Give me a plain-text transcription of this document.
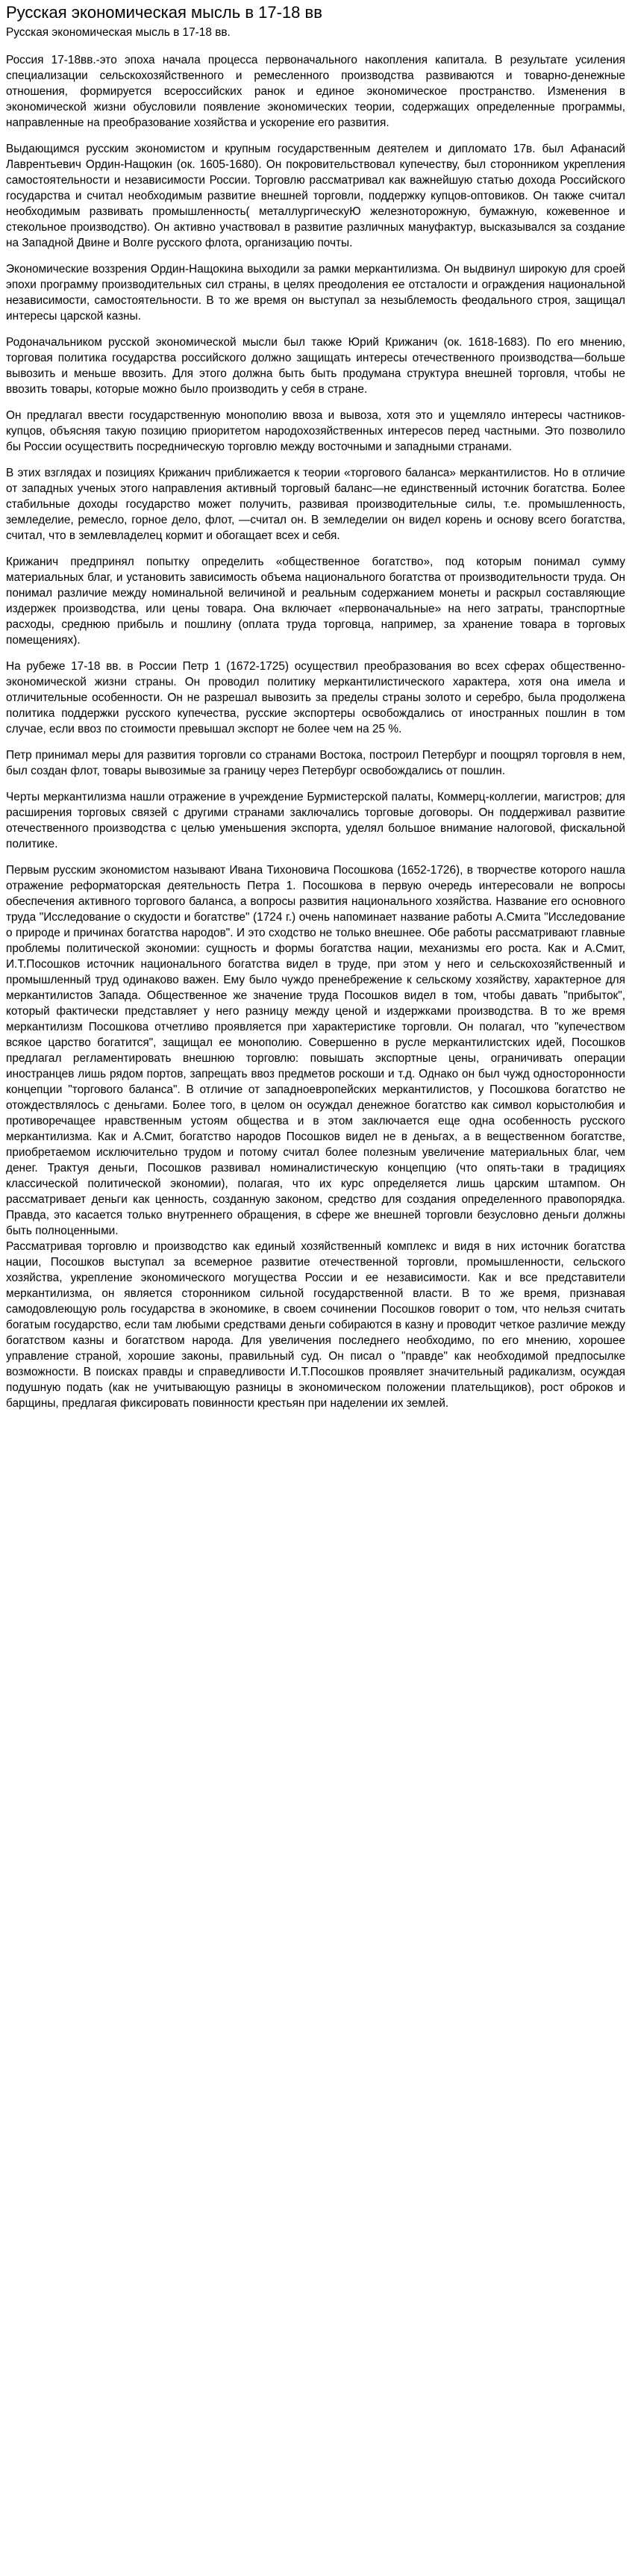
Русская экономическая мысль в 17-18 вв
Русская экономическая мысль в 17-18 вв.

Россия 17-18вв.-это эпоха начала процесса первоначального накопления капитала. В результате усиления специализации сельскохозяйственного и ремесленного производства развиваются и товарно-денежные отношения, формируется всероссийских ранок и единое экономическое пространство. Изменения в экономической жизни обусловили появление экономических теории, содержащих определенные программы, направленные на преобразование хозяйства и ускорение его развития.

Выдающимся русским экономистом и крупным государственным деятелем и дипломато 17в. был Афанасий Лаврентьевич Ордин-Нащокин (ок. 1605-1680). Он покровительствовал купечеству, был сторонником укрепления самостоятельности и независимости России. Торговлю рассматривал как важнейшую статью дохода Российского государства и считал необходимым развитие внешней торговли, поддержку купцов-оптовиков. Он также считал необходимым развивать промышленность( металлургическуЮ железноторожную, бумажную, кожевенное и стекольное производство). Он активно участвовал в развитие различных мануфактур, высказывался за создание на Западной Двине и Волге русского флота, организацию почты.

Экономические воззрения Ордин-Нащокина выходили за рамки меркантилизма. Он выдвинул широкую для сроей эпохи программу производительных сил страны, в целях преодоления ее отсталости и ограждения национальной независимости, самостоятельности. В то же время он выступал за незыблемость феодального строя, защищал интересы царской казны.

Родоначальником русской экономической мысли был также Юрий Крижанич (ок. 1618-1683). По его мнению, торговая политика государства российского должно защищать интересы отечественного производства—больше вывозить и меньше ввозить. Для этого должна быть быть продумана структура внешней торговля, чтобы не ввозить товары, которые можно было производить у себя в стране.

Он предлагал ввести государственную монополию ввоза и вывоза, хотя это и ущемляло интересы частников-купцов, объясняя такую позицию приоритетом народохозяйственных интересов перед частными. Это позволило бы России осуществить посредническую торговлю между восточными и западными странами.

В этих взглядах и позициях Крижанич приближается к теории «торгового баланса» меркантилистов. Но в отличие от западных ученых этого направления активный торговый баланс—не единственный источник богатства. Более стабильные доходы государство может получить, развивая производительные силы, т.е. промышленность, земледелие, ремесло, горное дело, флот, —считал он. В земледелии он видел корень и основу всего богатства, считал, что в землевладелец кормит и обогащает всех и себя.

Крижанич предпринял попытку определить «общественное богатство», под которым понимал сумму материальных благ, и установить зависимость объема национального богатства от производительности труда. Он понимал различие между номинальной величиной и реальным содержанием монеты и раскрыл составляющие издержек производства, или цены товара. Она включает «первоначальные» на него затраты, транспортные расходы, среднюю прибыль и пошлину (оплата труда торговца, например, за хранение товара в торговых помещениях).

На рубеже 17-18 вв. в России Петр 1 (1672-1725) осуществил преобразования во всех сферах общественно-экономической жизни страны. Он проводил политику меркантилистического характера, хотя она имела и отличительные особенности. Он не разрешал вывозить за пределы страны золото и серебро, была продолжена политика поддержки русского купечества, русские экспортеры освобождались от иностранных пошлин в том случае, если ввоз по стоимости превышал экспорт не более чем на 25 %.

Петр принимал меры для развития торговли со странами Востока, построил Петербург и поощрял торговля в нем, был создан флот, товары вывозимые за границу через Петербург освобождались от пошлин.

Черты меркантилизма нашли отражение в учреждение Бурмистерской палаты, Коммерц-коллегии, магистров; для расширения торговых связей с другими странами заключались торговые договоры. Он поддерживал развитие отечественного производства с целью уменьшения экспорта, уделял большое внимание налоговой, фискальной политике.

Первым русским экономистом называют Ивана Тихоновича Посошкова (1652-1726), в творчестве которого нашла отражение реформаторская деятельность Петра 1. Посошкова в первую очередь интересовали не вопросы обеспечения активного торгового баланса, а вопросы развития национального хозяйства. Название его основного труда "Исследование о скудости и богатстве" (1724 г.) очень напоминает название работы А.Смита "Исследование о природе и причинах богатства народов". И это сходство не только внешнее. Обе работы рассматривают главные проблемы политической экономии: сущность и формы богатства нации, механизмы его роста. Как и А.Смит, И.Т.Посошков источник национального богатства видел в труде, при этом у него и сельскохозяйственный и промышленный труд одинаково важен. Ему было чуждо пренебрежение к сельскому хозяйству, характерное для меркантилистов Запада. Общественное же значение труда Посошков видел в том, чтобы давать "прибыток", который фактически представляет у него разницу между ценой и издержками производства. В то же время меркантилизм Посошкова отчетливо проявляется при характеристике торговли. Он полагал, что "купечеством всякое царство богатится", защищал ее монополию. Совершенно в русле меркантилистских идей, Посошков предлагал регламентировать внешнюю торговлю: повышать экспортные цены, ограничивать операции иностранцев лишь рядом портов, запрещать ввоз предметов роскоши и т.д. Однако он был чужд односторонности концепции "торгового баланса". В отличие от западноевропейских меркантилистов, у Посошкова богатство не отождествлялось с деньгами. Более того, в целом он осуждал денежное богатство как символ корыстолюбия и противоречащее нравственным устоям общества и в этом заключается еще одна особенность русского меркантилизма. Как и А.Смит, богатство народов Посошков видел не в деньгах, а в вещественном богатстве, приобретаемом исключительно трудом и потому считал более полезным увеличение материальных благ, чем денег. Трактуя деньги, Посошков развивал номиналистическую концепцию (что опять-таки в традициях классической политической экономии), полагая, что их курс определяется лишь царским штампом. Он рассматривает деньги как ценность, созданную законом, средство для создания определенного правопорядка. Правда, это касается только внутреннего обращения, в сфере же внешней торговли безусловно деньги должны быть полноценными.

Рассматривая торговлю и производство как единый хозяйственный комплекс и видя в них источник богатства нации, Посошков выступал за всемерное развитие отечественной торговли, промышленности, сельского хозяйства, укрепление экономического могущества России и ее независимости. Как и все представители меркантилизма, он является сторонником сильной государственной власти. В то же время, признавая самодовлеющую роль государства в экономике, в своем сочинении Посошков говорит о том, что нельзя считать богатым государство, если там любыми средствами деньги собираются в казну и проводит четкое различие между богатством казны и богатством народа. Для увеличения последнего необходимо, по его мнению, хорошее управление страной, хорошие законы, правильный суд. Он писал о "правде" как необходимой предпосылке возможности. В поисках правды и справедливости И.Т.Посошков проявляет значительный радикализм, осуждая подушную подать (как не учитывающую разницы в экономическом положении плательщиков), рост оброков и барщины, предлагая фиксировать повинности крестьян при наделении их землей.
